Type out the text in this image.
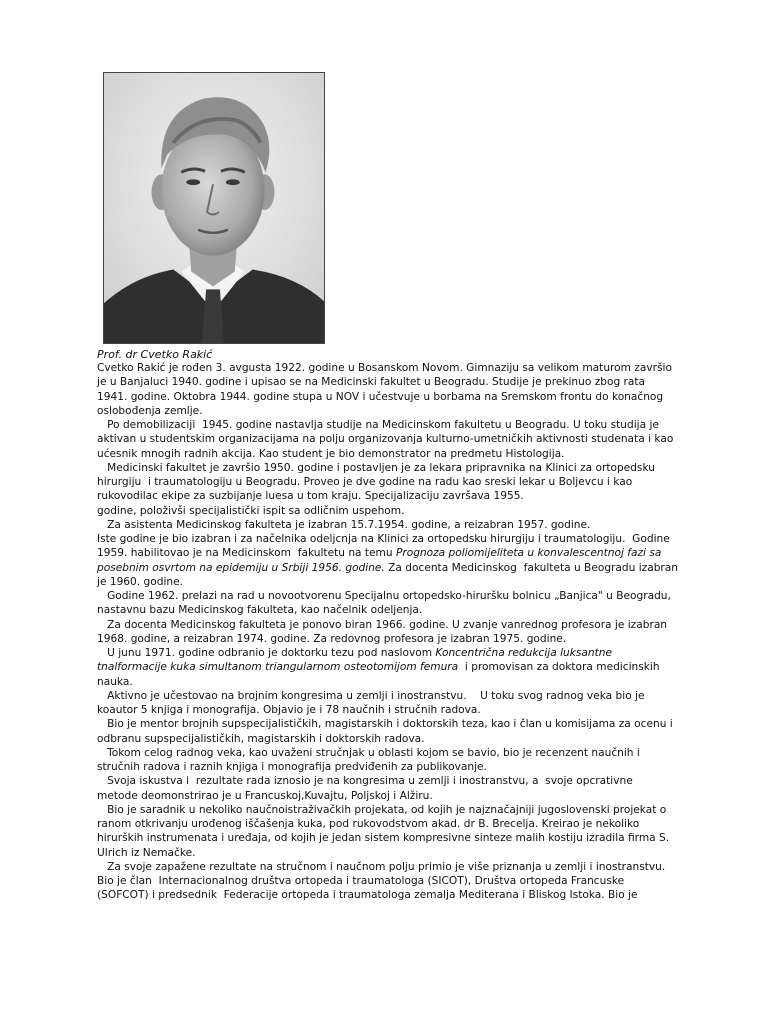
Prof. dr Cvetko Rakić
Cvetko Rakić je rođen 3. avgusta 1922. godine u Bosanskom Novom. Gimnaziju sa velikom maturom završio
je u Banjaluci 1940. godine i upisao se na Medicinski fakultet u Beogradu. Studije je prekinuo zbog rata
1941. godine. Oktobra 1944. godine stupa u NOV i učestvuje u borbama na Sremskom frontu do konačnog
oslobođenja zemlje.
Po demobilizaciji  1945. godine nastavlja studije na Medicinskom fakultetu u Beogradu. U toku studija je
aktivan u studentskim organizacijama na polju organizovanja kulturno-umetničkih aktivnosti studenata i kao
ućesnik mnogih radnih akcija. Kao student je bio demonstrator na predmetu Histologija.
Medicinski fakultet je završio 1950. godine i postavljen je za lekara pripravnika na Klinici za ortopedsku
hirurgiju  i traumatologiju u Beogradu. Proveo je dve godine na radu kao sreski lekar u Boljevcu i kao
rukovodilac ekipe za suzbijanje luesa u tom kraju. Specijalizaciju završava 1955.
godine, položivši specijalistički ispit sa odličnim uspehom.
Za asistenta Medicinskog fakulteta je izabran 15.7.1954. godine, a reizabran 1957. godine.
Iste godine je bio izabran i za načelnika odeljcnja na Klinici za ortopedsku hirurgiju i traumatologiju.  Godine
1959. habilitovao je na Medicinskom  fakultetu na temu Prognoza poliomijeliteta u konvalescentnoj fazi sa
posebnim osvrtom na epidemiju u Srbiji 1956. godine. Za docenta Medicinskog  fakulteta u Beogradu izabran
je 1960. godine.
Godine 1962. prelazi na rad u novootvorenu Specijalnu ortopedsko-hiruršku bolnicu „Banjica" u Beogradu,
nastavnu bazu Medicinskog fakulteta, kao načelnik odeljenja.
Za docenta Medicinskog fakulteta je ponovo biran 1966. godine. U zvanje vanrednog profesora je izabran
1968. godine, a reizabran 1974. godine. Za redovnog profesora je izabran 1975. godine.
U junu 1971. godine odbranio je doktorku tezu pod naslovom Koncentrična redukcija luksantne
tnalformacije kuka simultanom triangularnom osteotomijom femura  i promovisan za doktora medicinskih
nauka.
Aktivno je učestovao na brojnim kongresima u zemlji i inostranstvu.    U toku svog radnog veka bio je
koautor 5 knjiga i monografija. Objavio je i 78 naučnih i stručnih radova.
Bio je mentor brojnih supspecijalističkih, magistarskih i doktorskih teza, kao i član u komisijama za ocenu i
odbranu supspecijalističkih, magistarskih i doktorskih radova.
Tokom celog radnog veka, kao uvaženi stručnjak u oblasti kojom se bavio, bio je recenzent naučnih i
stručnih radova i raznih knjiga i monografija predviđenih za publikovanje.
Svoja iskustva i  rezultate rada iznosio je na kongresima u zemlji i inostranstvu, a  svoje opcrativne
metode deomonstrirao je u Francuskoj,Kuvajtu, Poljskoj i Alžiru.
Bio je saradnik u nekoliko naučnoistraživačkih projekata, od kojih je najznačajniji jugoslovenski projekat o
ranom otkrivanju urođenog iščašenja kuka, pod rukovodstvom akad. dr B. Brecelja. Kreirao je nekoliko
hirurških instrumenata i uređaja, od kojih je jedan sistem kompresivne sinteze malih kostiju izradila firma S.
Ulrich iz Nemačke.
Za svoje zapažene rezultate na stručnom i naučnom polju primio je više priznanja u zemlji i inostranstvu.
Bio je član  Internacionalnog društva ortopeda i traumatologa (SICOT), Društva ortopeda Francuske
(SOFCOT) i predsednik  Federacije ortopeda i traumatologa zemalja Mediterana i Bliskog Istoka. Bio je
